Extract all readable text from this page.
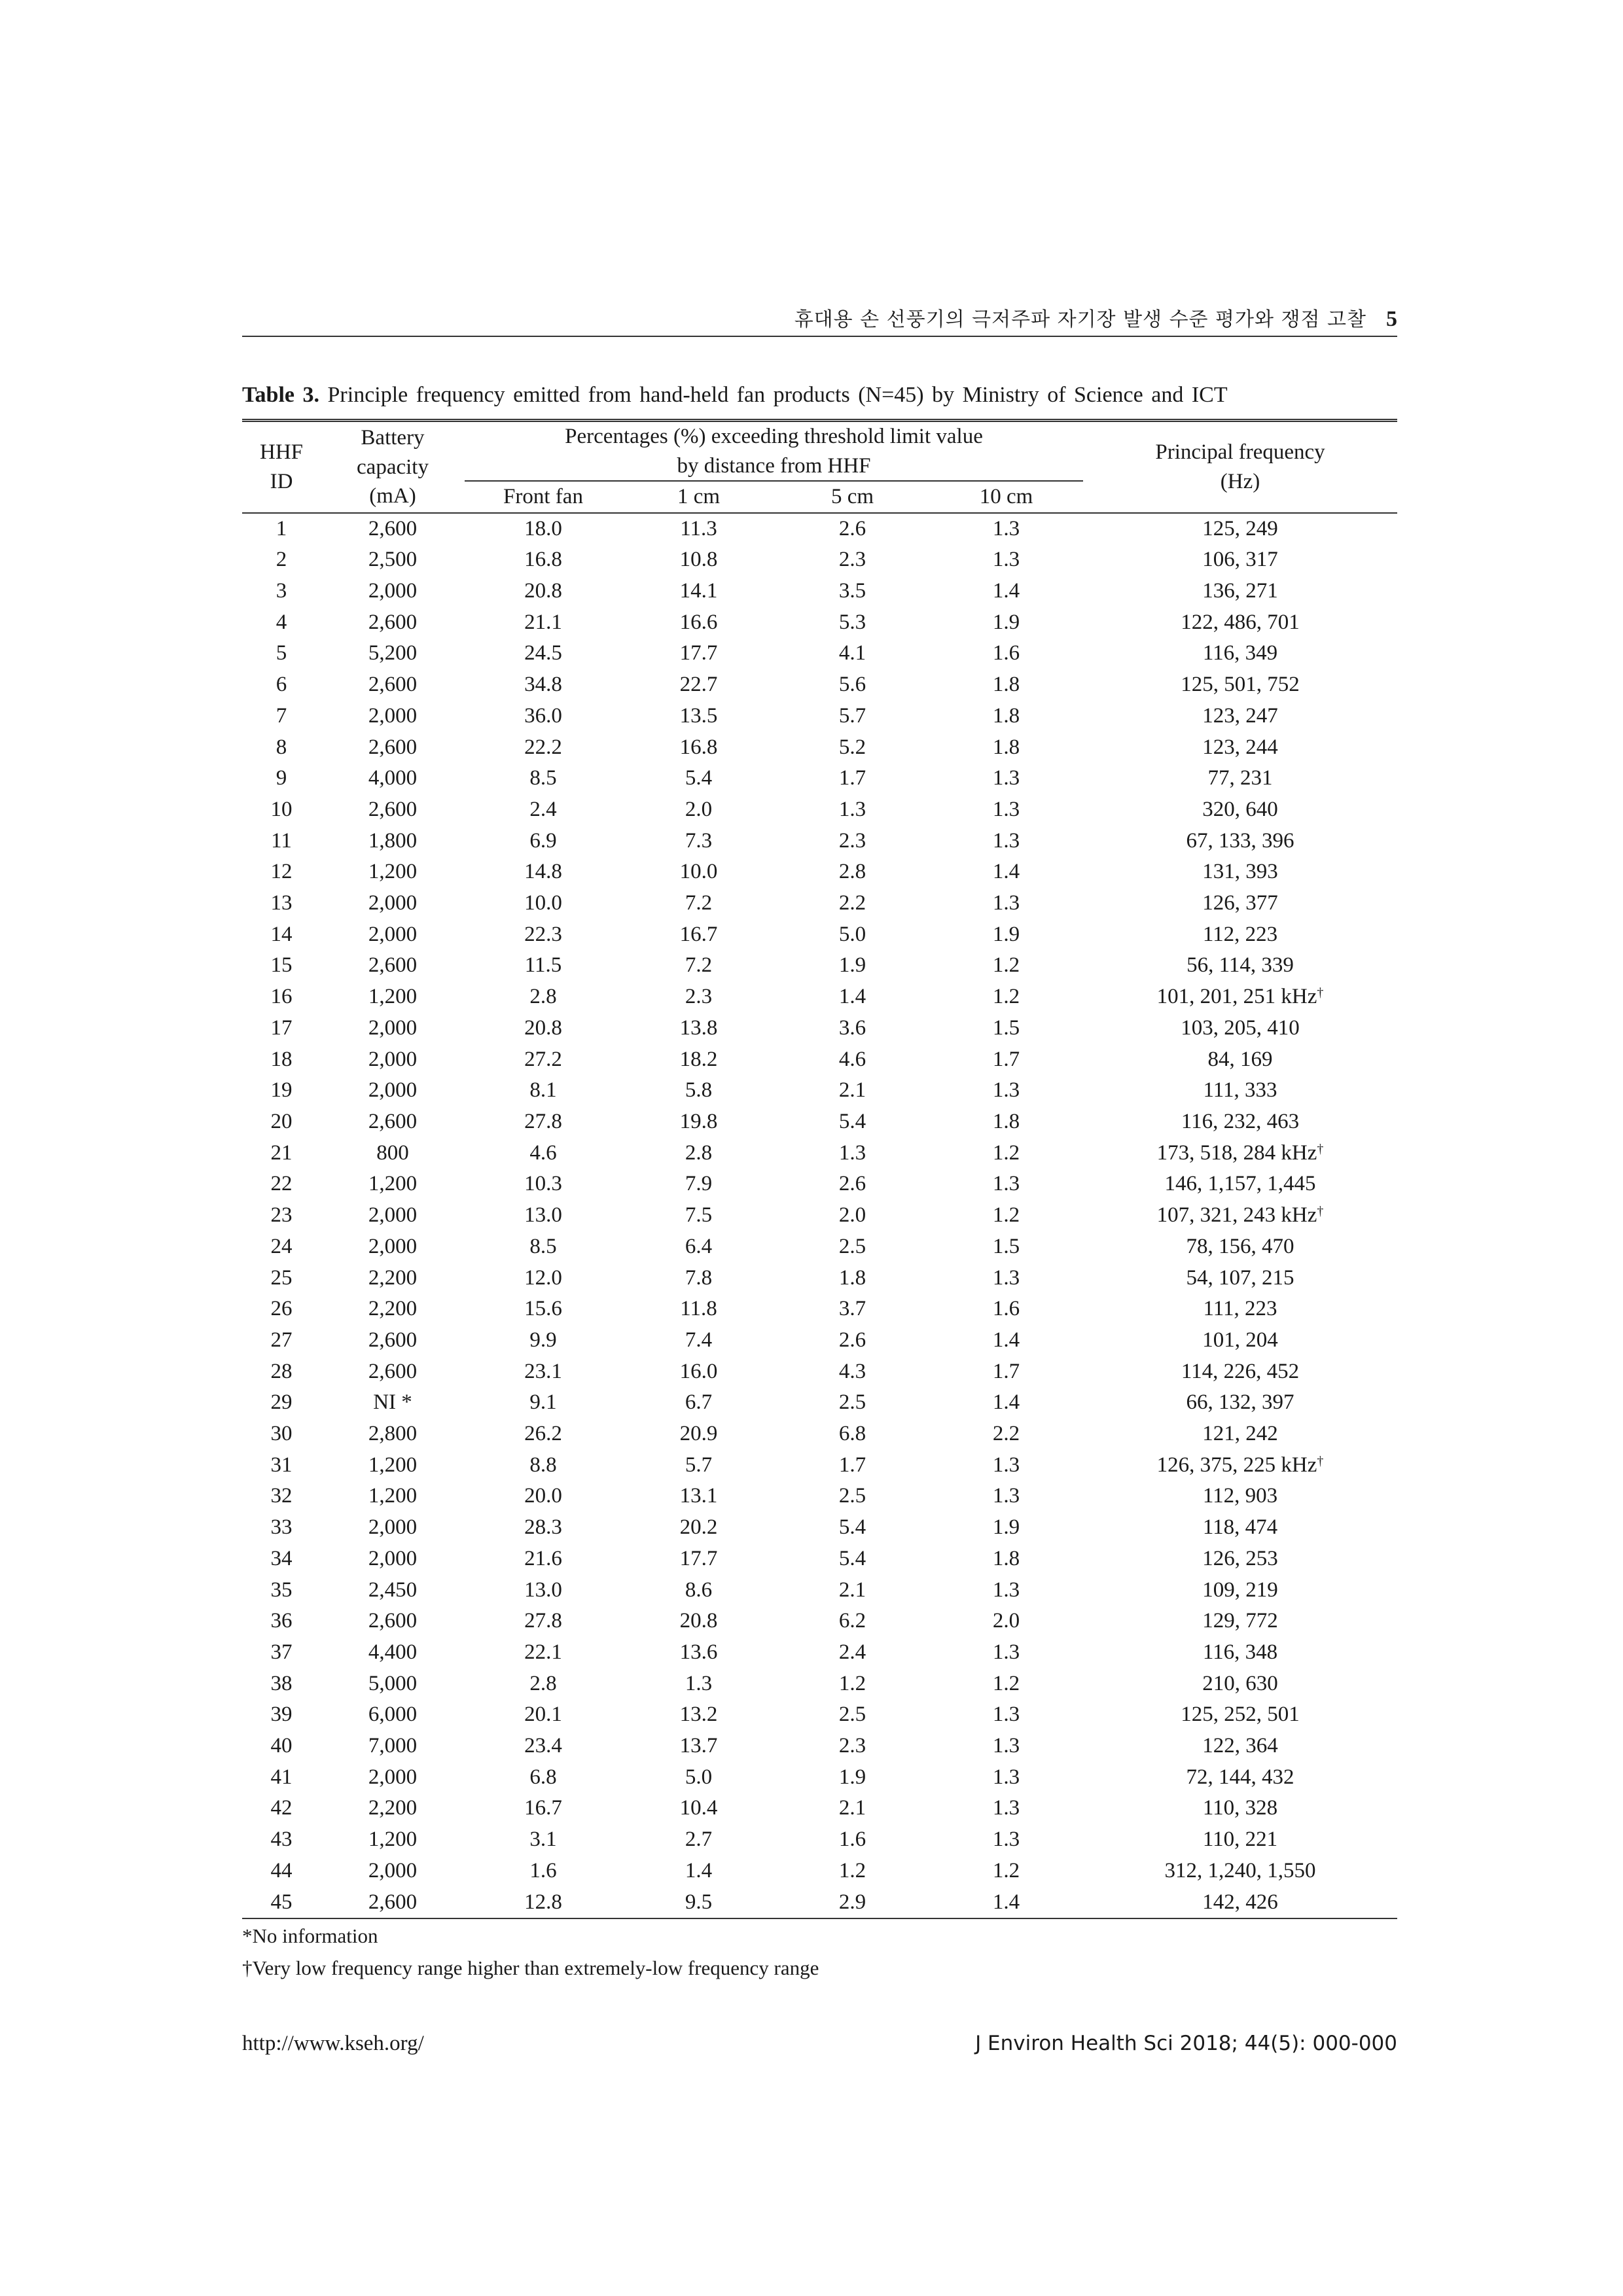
휴대용 손 선풍기의 극저주파 자기장 발생 수준 평가와 쟁점 고찰 5
Table 3. Principle frequency emitted from hand-held fan products (N=45) by Ministry of Science and ICT
HHF ID	Battery capacity (mA)	Percentages (%) exceeding threshold limit value by distance from HHF				Principal frequency (Hz)
		Front fan	1 cm	5 cm	10 cm	
1	2,600	18.0	11.3	2.6	1.3	125, 249
2	2,500	16.8	10.8	2.3	1.3	106, 317
3	2,000	20.8	14.1	3.5	1.4	136, 271
4	2,600	21.1	16.6	5.3	1.9	122, 486, 701
5	5,200	24.5	17.7	4.1	1.6	116, 349
6	2,600	34.8	22.7	5.6	1.8	125, 501, 752
7	2,000	36.0	13.5	5.7	1.8	123, 247
8	2,600	22.2	16.8	5.2	1.8	123, 244
9	4,000	8.5	5.4	1.7	1.3	77, 231
10	2,600	2.4	2.0	1.3	1.3	320, 640
11	1,800	6.9	7.3	2.3	1.3	67, 133, 396
12	1,200	14.8	10.0	2.8	1.4	131, 393
13	2,000	10.0	7.2	2.2	1.3	126, 377
14	2,000	22.3	16.7	5.0	1.9	112, 223
15	2,600	11.5	7.2	1.9	1.2	56, 114, 339
16	1,200	2.8	2.3	1.4	1.2	101, 201, 251 kHz†
17	2,000	20.8	13.8	3.6	1.5	103, 205, 410
18	2,000	27.2	18.2	4.6	1.7	84, 169
19	2,000	8.1	5.8	2.1	1.3	111, 333
20	2,600	27.8	19.8	5.4	1.8	116, 232, 463
21	800	4.6	2.8	1.3	1.2	173, 518, 284 kHz†
22	1,200	10.3	7.9	2.6	1.3	146, 1,157, 1,445
23	2,000	13.0	7.5	2.0	1.2	107, 321, 243 kHz†
24	2,000	8.5	6.4	2.5	1.5	78, 156, 470
25	2,200	12.0	7.8	1.8	1.3	54, 107, 215
26	2,200	15.6	11.8	3.7	1.6	111, 223
27	2,600	9.9	7.4	2.6	1.4	101, 204
28	2,600	23.1	16.0	4.3	1.7	114, 226, 452
29	NI *	9.1	6.7	2.5	1.4	66, 132, 397
30	2,800	26.2	20.9	6.8	2.2	121, 242
31	1,200	8.8	5.7	1.7	1.3	126, 375, 225 kHz†
32	1,200	20.0	13.1	2.5	1.3	112, 903
33	2,000	28.3	20.2	5.4	1.9	118, 474
34	2,000	21.6	17.7	5.4	1.8	126, 253
35	2,450	13.0	8.6	2.1	1.3	109, 219
36	2,600	27.8	20.8	6.2	2.0	129, 772
37	4,400	22.1	13.6	2.4	1.3	116, 348
38	5,000	2.8	1.3	1.2	1.2	210, 630
39	6,000	20.1	13.2	2.5	1.3	125, 252, 501
40	7,000	23.4	13.7	2.3	1.3	122, 364
41	2,000	6.8	5.0	1.9	1.3	72, 144, 432
42	2,200	16.7	10.4	2.1	1.3	110, 328
43	1,200	3.1	2.7	1.6	1.3	110, 221
44	2,000	1.6	1.4	1.2	1.2	312, 1,240, 1,550
45	2,600	12.8	9.5	2.9	1.4	142, 426
*No information
†Very low frequency range higher than extremely-low frequency range
http://www.kseh.org/	J Environ Health Sci 2018; 44(5): 000-000
